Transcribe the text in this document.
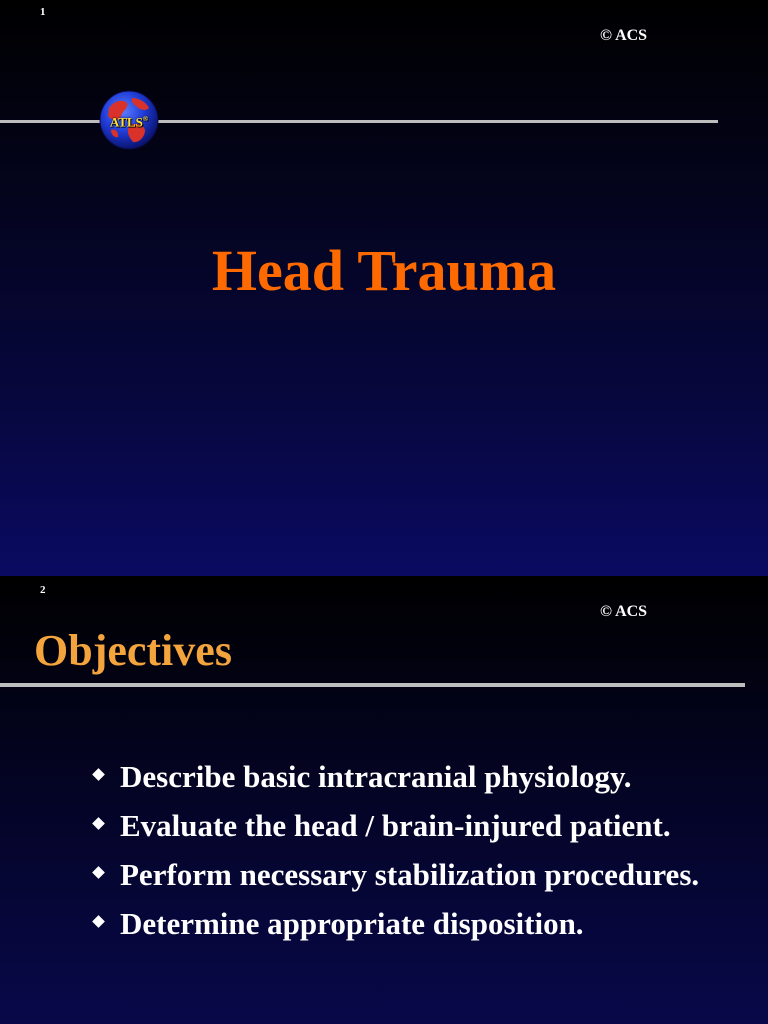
1
© ACS
ATLS®
Head Trauma
2
© ACS
Objectives
Describe basic intracranial physiology.
Evaluate the head / brain-injured patient.
Perform necessary stabilization procedures.
Determine appropriate disposition.
